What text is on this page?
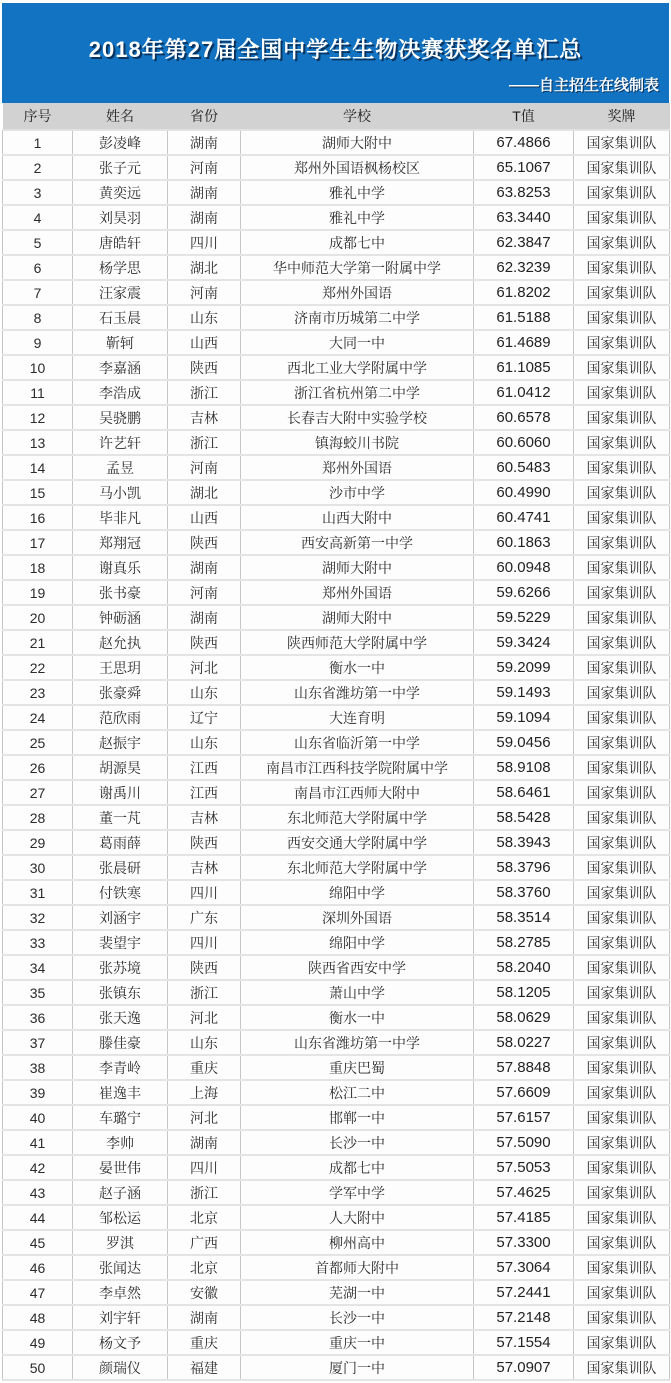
2018年第27届全国中学生生物决赛获奖名单汇总
——自主招生在线制表
序号	姓名	省份	学校	T值	奖牌
1	彭凌峰	湖南	湖师大附中	67.4866	国家集训队
2	张子元	河南	郑州外国语枫杨校区	65.1067	国家集训队
3	黄奕远	湖南	雅礼中学	63.8253	国家集训队
4	刘昊羽	湖南	雅礼中学	63.3440	国家集训队
5	唐皓轩	四川	成都七中	62.3847	国家集训队
6	杨学思	湖北	华中师范大学第一附属中学	62.3239	国家集训队
7	汪家震	河南	郑州外国语	61.8202	国家集训队
8	石玉晨	山东	济南市历城第二中学	61.5188	国家集训队
9	靳轲	山西	大同一中	61.4689	国家集训队
10	李嘉涵	陕西	西北工业大学附属中学	61.1085	国家集训队
11	李浩成	浙江	浙江省杭州第二中学	61.0412	国家集训队
12	吴骁鹏	吉林	长春吉大附中实验学校	60.6578	国家集训队
13	许艺轩	浙江	镇海蛟川书院	60.6060	国家集训队
14	孟昱	河南	郑州外国语	60.5483	国家集训队
15	马小凯	湖北	沙市中学	60.4990	国家集训队
16	毕非凡	山西	山西大附中	60.4741	国家集训队
17	郑翔冠	陕西	西安高新第一中学	60.1863	国家集训队
18	谢真乐	湖南	湖师大附中	60.0948	国家集训队
19	张书豪	河南	郑州外国语	59.6266	国家集训队
20	钟砺涵	湖南	湖师大附中	59.5229	国家集训队
21	赵允执	陕西	陕西师范大学附属中学	59.3424	国家集训队
22	王思玥	河北	衡水一中	59.2099	国家集训队
23	张豪舜	山东	山东省潍坊第一中学	59.1493	国家集训队
24	范欣雨	辽宁	大连育明	59.1094	国家集训队
25	赵振宇	山东	山东省临沂第一中学	59.0456	国家集训队
26	胡源昊	江西	南昌市江西科技学院附属中学	58.9108	国家集训队
27	谢禹川	江西	南昌市江西师大附中	58.6461	国家集训队
28	董一芃	吉林	东北师范大学附属中学	58.5428	国家集训队
29	葛雨薛	陕西	西安交通大学附属中学	58.3943	国家集训队
30	张晨研	吉林	东北师范大学附属中学	58.3796	国家集训队
31	付铁寒	四川	绵阳中学	58.3760	国家集训队
32	刘涵宇	广东	深圳外国语	58.3514	国家集训队
33	裴望宇	四川	绵阳中学	58.2785	国家集训队
34	张苏境	陕西	陕西省西安中学	58.2040	国家集训队
35	张镇东	浙江	萧山中学	58.1205	国家集训队
36	张天逸	河北	衡水一中	58.0629	国家集训队
37	滕佳豪	山东	山东省潍坊第一中学	58.0227	国家集训队
38	李青岭	重庆	重庆巴蜀	57.8848	国家集训队
39	崔逸丰	上海	松江二中	57.6609	国家集训队
40	车璐宁	河北	邯郸一中	57.6157	国家集训队
41	李帅	湖南	长沙一中	57.5090	国家集训队
42	晏世伟	四川	成都七中	57.5053	国家集训队
43	赵子涵	浙江	学军中学	57.4625	国家集训队
44	邹松运	北京	人大附中	57.4185	国家集训队
45	罗淇	广西	柳州高中	57.3300	国家集训队
46	张闻达	北京	首都师大附中	57.3064	国家集训队
47	李卓然	安徽	芜湖一中	57.2441	国家集训队
48	刘宇轩	湖南	长沙一中	57.2148	国家集训队
49	杨文予	重庆	重庆一中	57.1554	国家集训队
50	颜瑞仪	福建	厦门一中	57.0907	国家集训队
